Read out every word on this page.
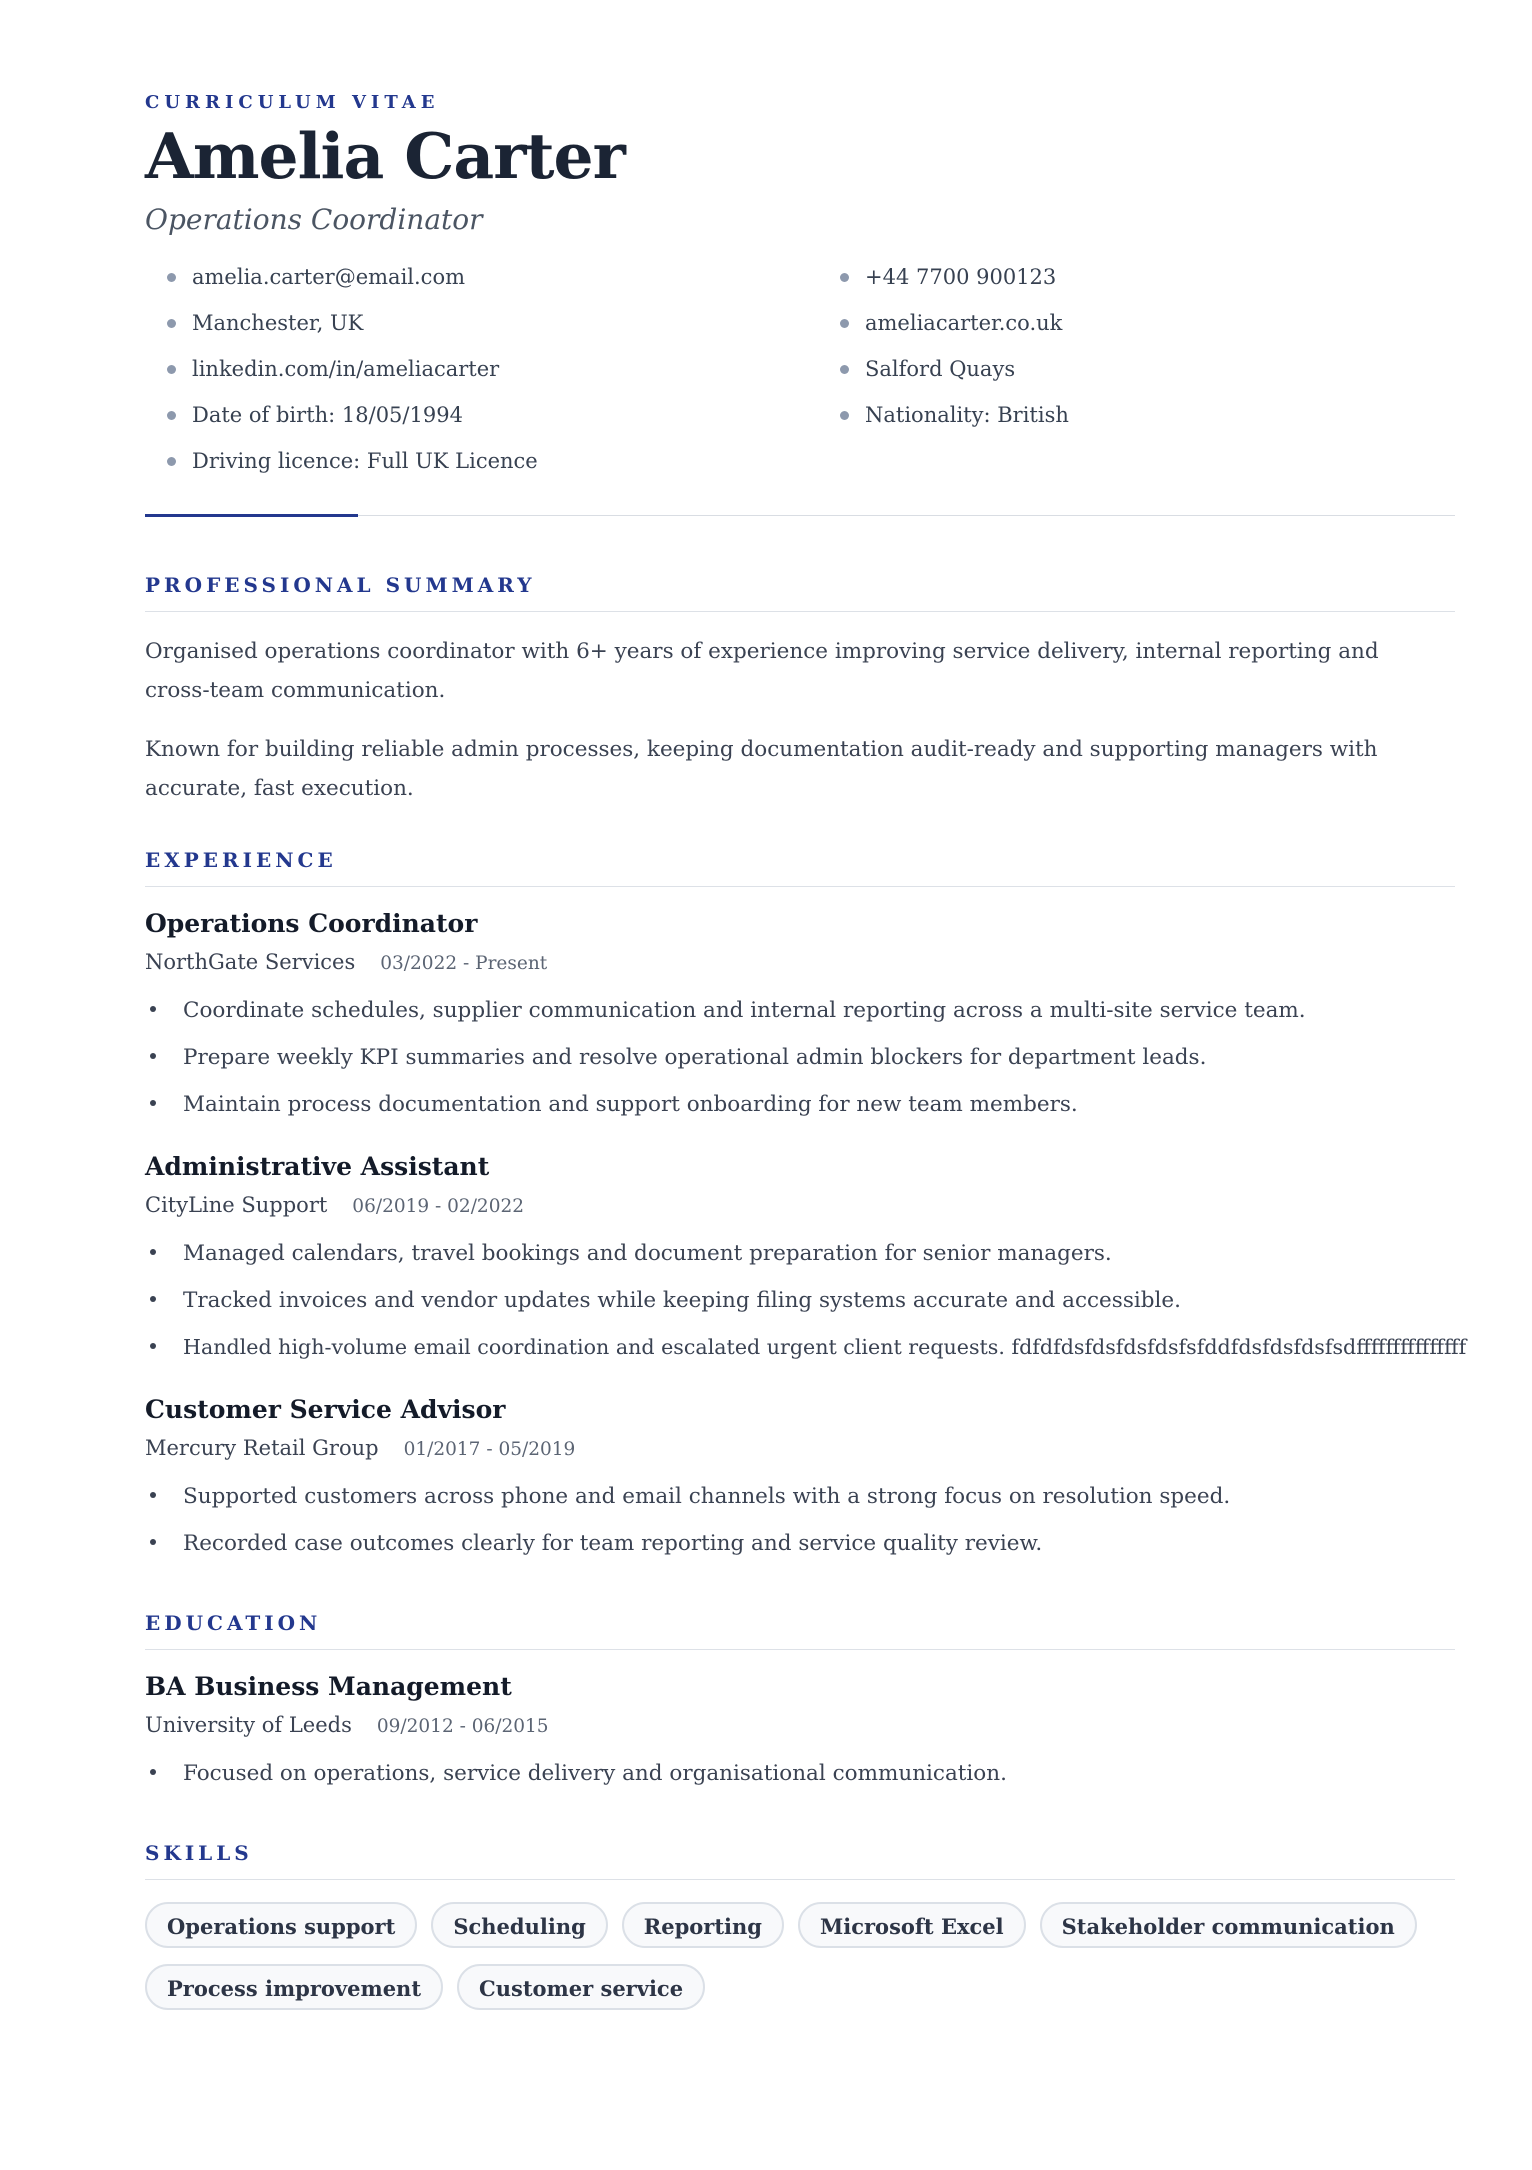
CURRICULUM VITAE
Amelia Carter
Operations Coordinator
amelia.carter@email.com
Manchester, UK
linkedin.com/in/ameliacarter
Date of birth: 18/05/1994
Driving licence: Full UK Licence
+44 7700 900123
ameliacarter.co.uk
Salford Quays
Nationality: British
PROFESSIONAL SUMMARY

Organised operations coordinator with 6+ years of experience improving service delivery, internal reporting and cross-team communication.

Known for building reliable admin processes, keeping documentation audit-ready and supporting managers with accurate, fast execution.

EXPERIENCE
Operations Coordinator
NorthGate Services 03/2022 - Present
Coordinate schedules, supplier communication and internal reporting across a multi-site service team.
Prepare weekly KPI summaries and resolve operational admin blockers for department leads.
Maintain process documentation and support onboarding for new team members.
Administrative Assistant
CityLine Support 06/2019 - 02/2022
Managed calendars, travel bookings and document preparation for senior managers.
Tracked invoices and vendor updates while keeping filing systems accurate and accessible.
Handled high-volume email coordination and escalated urgent client requests. fdfdfdsfdsfdsfdsfsfddfdsfdsfdsfsdfffffffffffffff
Customer Service Advisor
Mercury Retail Group 01/2017 - 05/2019
Supported customers across phone and email channels with a strong focus on resolution speed.
Recorded case outcomes clearly for team reporting and service quality review.
EDUCATION
BA Business Management
University of Leeds 09/2012 - 06/2015
Focused on operations, service delivery and organisational communication.
SKILLS
Operations support	Scheduling	Reporting	Microsoft Excel	Stakeholder communication
Process improvement	Customer service
